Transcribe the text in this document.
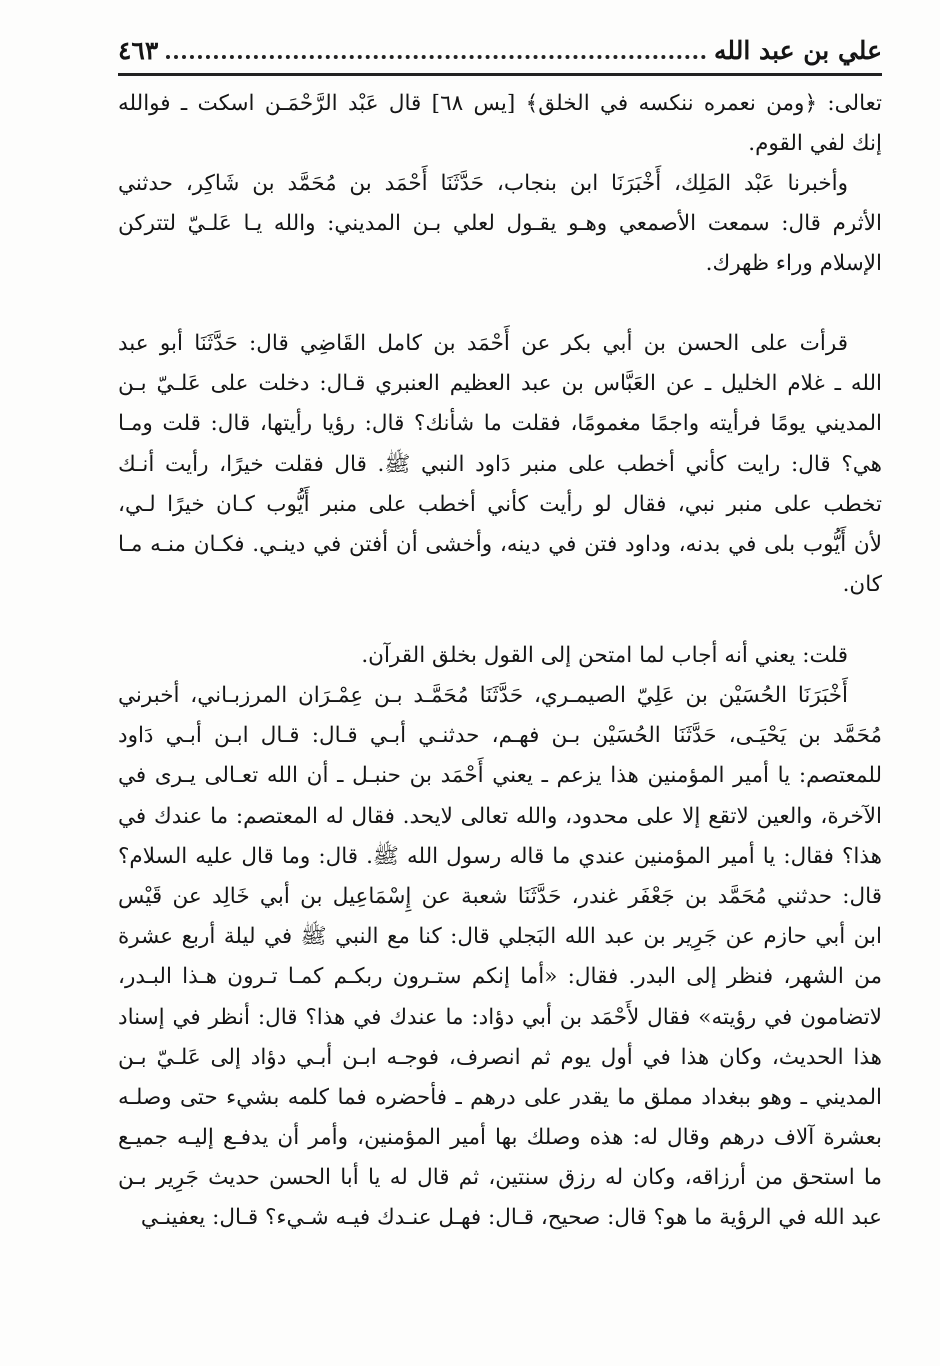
علي بن عبد الله
٤٦٣
تعالى: ﴿ومن نعمره ننكسه في الخلق﴾ [يس ٦٨] قال عَبْد الرَّحْمَـن اسكت ـ فوالله
إنك لفي القوم.
وأخبرنا عَبْد المَلِك، أَخْبَرَنَا ابن بنجاب، حَدَّثَنَا أَحْمَد بن مُحَمَّد بن شَاكِر، حدثني
الأثرم قال: سمعت الأصمعي وهـو يقـول لعلي بـن المديني: والله يـا عَلـيّ لتتركن
الإسلام وراء ظهرك.
قرأت على الحسن بن أبي بكر عن أَحْمَد بن كامل القَاضِي قال: حَدَّثَنَا أبو عبد
الله ـ غلام الخليل ـ عن العَبَّاس بن عبد العظيم العنبري قـال: دخلت على عَلـيّ بـن
المديني يومًا فرأيته واجمًا مغمومًا، فقلت ما شأنك؟ قال: رؤيا رأيتها، قال: قلت ومـا
هي؟ قال: رايت كأني أخطب على منبر دَاود النبي ﷺ. قال فقلت خيرًا، رأيت أنـك
تخطب على منبر نبي، فقال لو رأيت كأني أخطب على منبر أَيُّوب كـان خيرًا لـي،
لأن أَيُّوب بلى في بدنه، وداود فتن في دينه، وأخشى أن أفتن في دينـي. فكـان منـه مـا
كان.
قلت: يعني أنه أجاب لما امتحن إلى القول بخلق القرآن.
أَخْبَرَنَا الحُسَيْن بن عَلِيّ الصيمـري، حَدَّثَنَا مُحَمَّـد بـن عِمْـرَان المرزبـاني، أخبرني
مُحَمَّد بن يَحْيَـى، حَدَّثَنَا الحُسَيْن بـن فهـم، حدثنـي أبـي قـال: قـال ابـن أبـي دَاود
للمعتصم: يا أمير المؤمنين هذا يزعم ـ يعني أَحْمَد بن حنبـل ـ أن الله تعـالى يـرى في
الآخرة، والعين لاتقع إلا على محدود، والله تعالى لايحد. فقال له المعتصم: ما عندك في
هذا؟ فقال: يا أمير المؤمنين عندي ما قاله رسول الله ﷺ. قال: وما قال عليه السلام؟
قال: حدثني مُحَمَّد بن جَعْفَر غندر، حَدَّثَنَا شعبة عن إِسْمَاعِيل بن أبي خَالِد عن قَيْس
ابن أبي حازم عن جَرِير بن عبد الله البَجلي قال: كنا مع النبي ﷺ في ليلة أربع عشرة
من الشهر، فنظر إلى البدر. فقال: «أما إنكم ستـرون ربكـم كمـا تـرون هـذا البـدر،
لاتضامون في رؤيته» فقال لأَحْمَد بن أبي دؤاد: ما عندك في هذا؟ قال: أنظر في إسناد
هذا الحديث، وكان هذا في أول يوم ثم انصرف، فوجـه ابـن أبـي دؤاد إلى عَلـيّ بـن
المديني ـ وهو ببغداد مملق ما يقدر على درهم ـ فأحضره فما كلمه بشيء حتى وصلـه
بعشرة آلاف درهم وقال له: هذه وصلك بها أمير المؤمنين، وأمر أن يدفـع إليـه جميـع
ما استحق من أرزاقه، وكان له رزق سنتين، ثم قال له يا أبا الحسن حديث جَرِير بـن
عبد الله في الرؤية ما هو؟ قال: صحيح، قـال: فهـل عنـدك فيـه شـيء؟ قـال: يعفينـي
